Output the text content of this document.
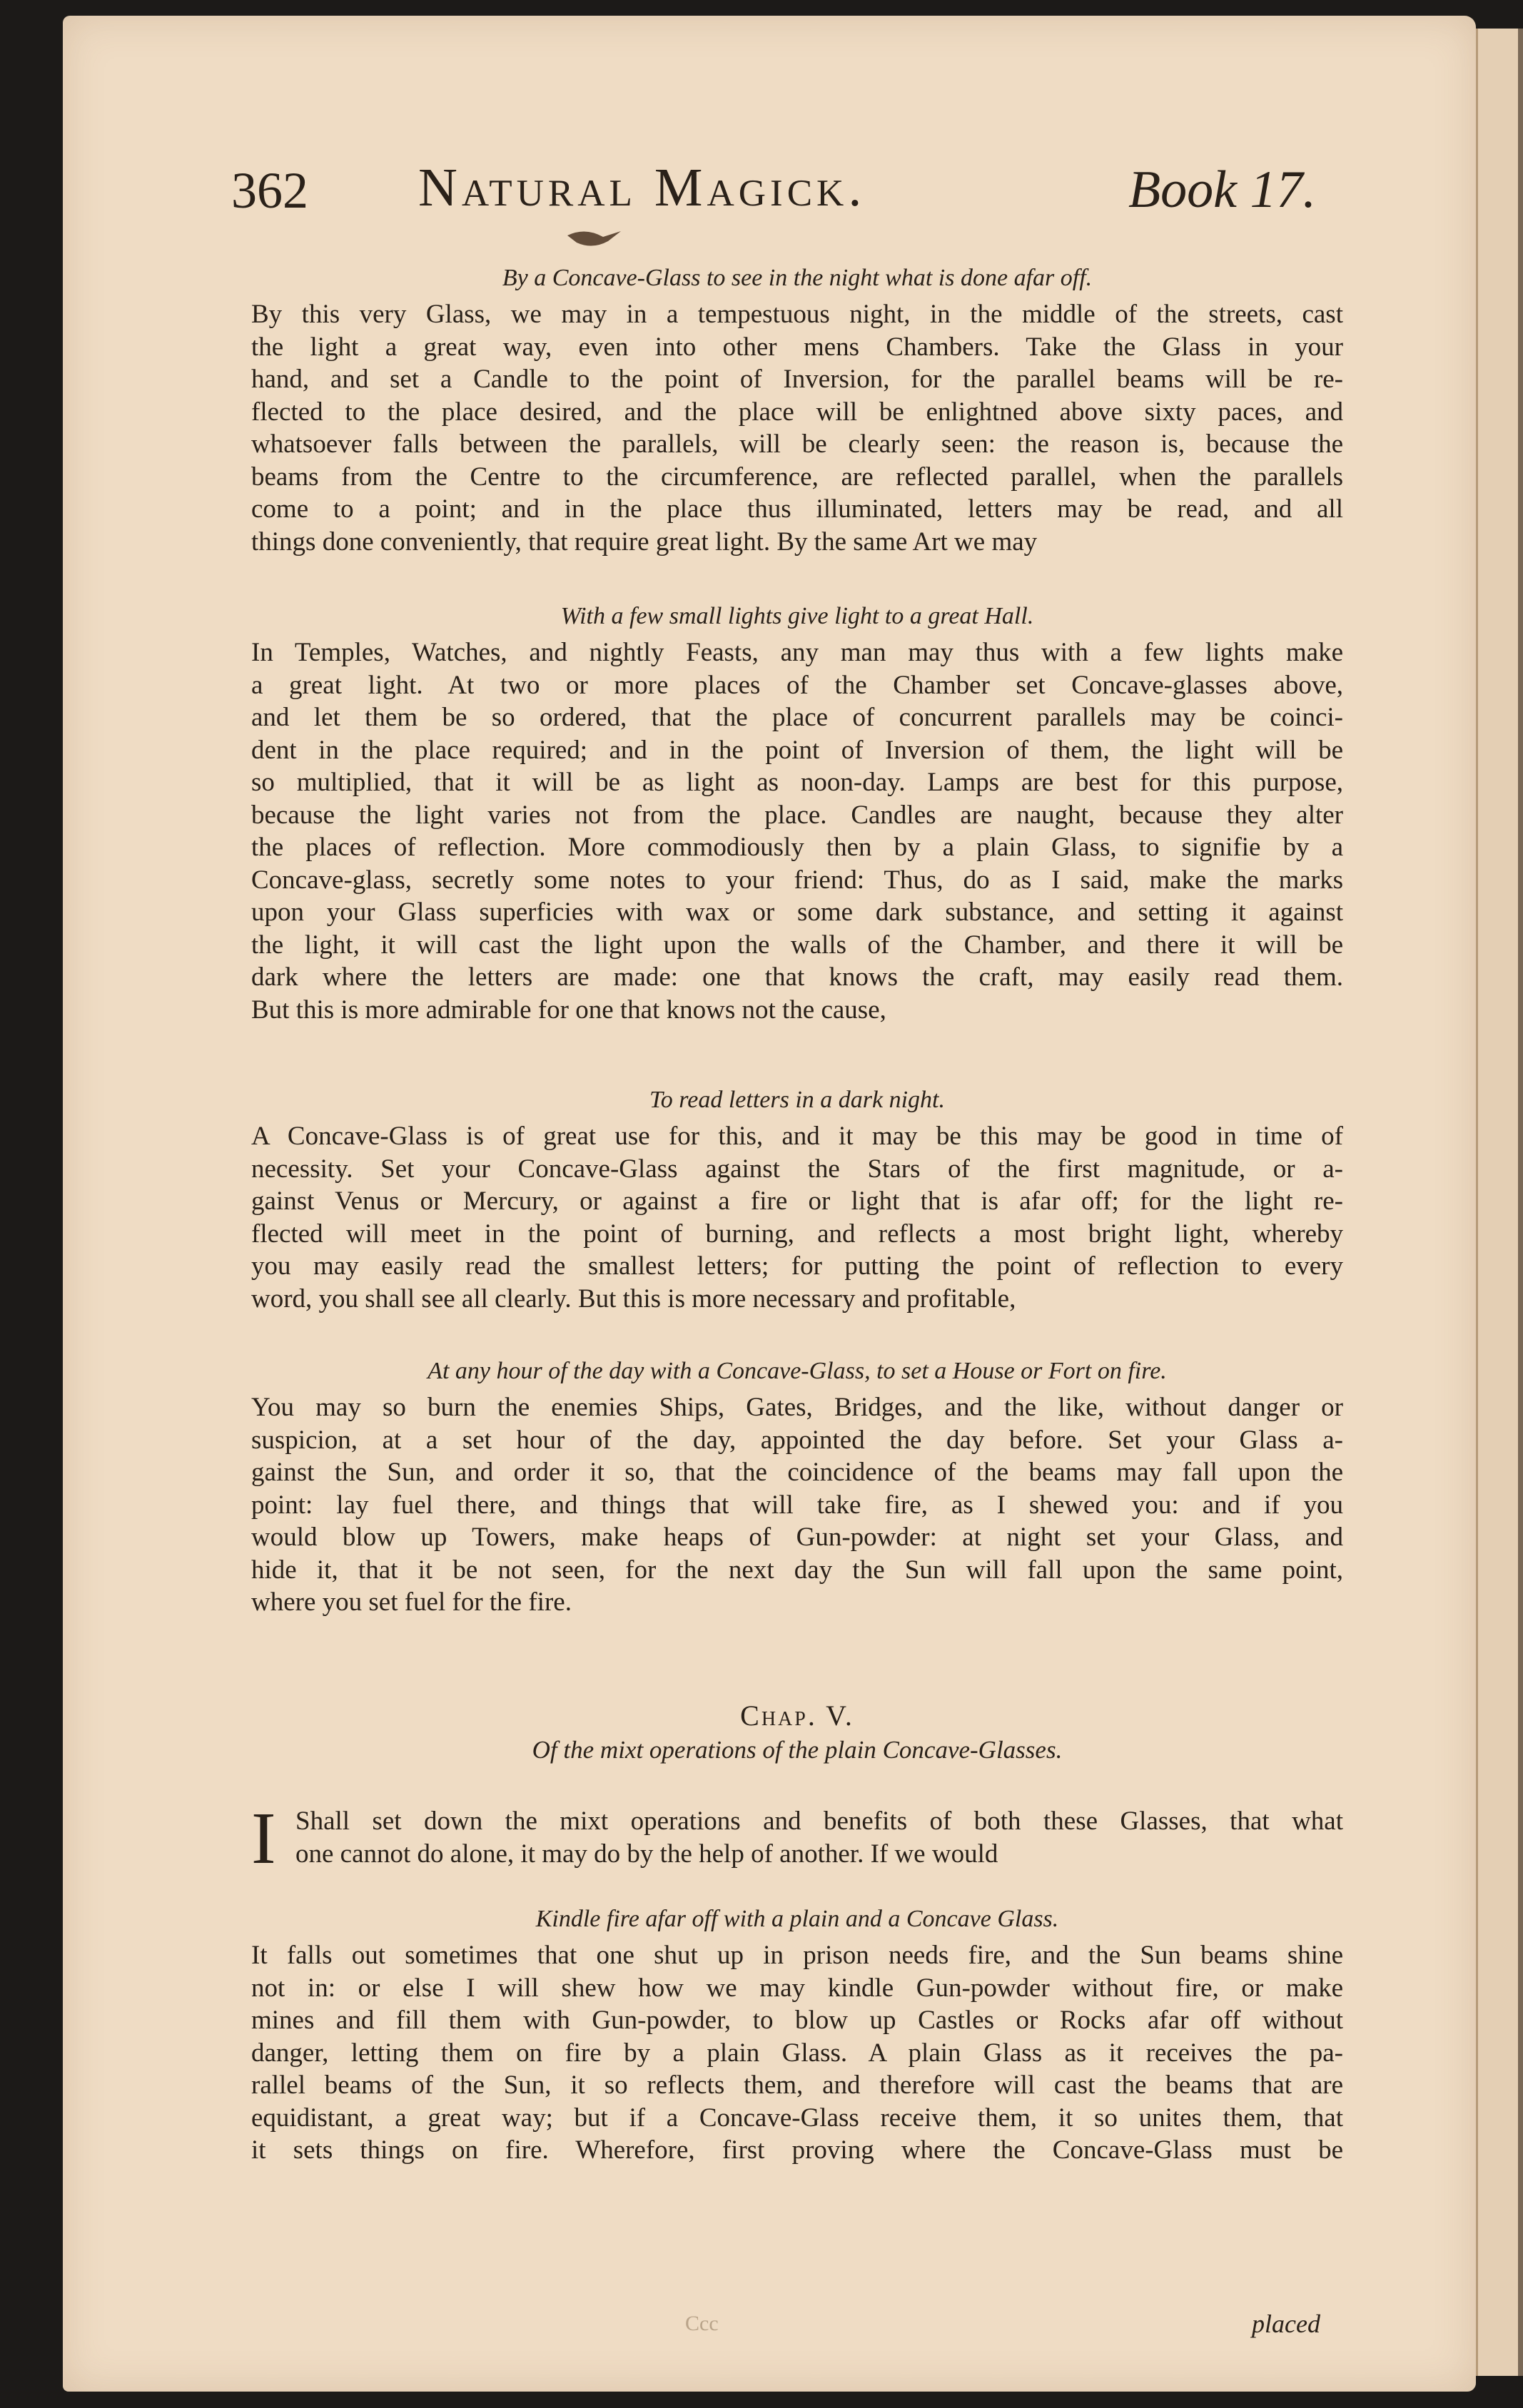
362 Natural Magick.	Book 17.
By a Concave-Glass to see in the night what is done afar off.
By this very Glass, we may in a tempestuous night, in the middle of the streets, cast
the light a great way, even into other mens Chambers. Take the Glass in your
hand, and set a Candle to the point of Inversion, for the parallel beams will be re-
flected to the place desired, and the place will be enlightned above sixty paces, and
whatsoever falls between the parallels, will be clearly seen: the reason is, because the
beams from the Centre to the circumference, are reflected parallel, when the parallels
come to a point; and in the place thus illuminated, letters may be read, and all
things done conveniently, that require great light. By the same Art we may
With a few small lights give light to a great Hall.
In Temples, Watches, and nightly Feasts, any man may thus with a few lights make
a great light. At two or more places of the Chamber set Concave-glasses above,
and let them be so ordered, that the place of concurrent parallels may be coinci-
dent in the place required; and in the point of Inversion of them, the light will be
so multiplied, that it will be as light as noon-day. Lamps are best for this purpose,
because the light varies not from the place. Candles are naught, because they alter
the places of reflection. More commodiously then by a plain Glass, to signifie by a
Concave-glass, secretly some notes to your friend: Thus, do as I said, make the marks
upon your Glass superficies with wax or some dark substance, and setting it against
the light, it will cast the light upon the walls of the Chamber, and there it will be
dark where the letters are made: one that knows the craft, may easily read them.
But this is more admirable for one that knows not the cause,
To read letters in a dark night.
A Concave-Glass is of great use for this, and it may be this may be good in time of
necessity. Set your Concave-Glass against the Stars of the first magnitude, or a-
gainst Venus or Mercury, or against a fire or light that is afar off; for the light re-
flected will meet in the point of burning, and reflects a most bright light, whereby
you may easily read the smallest letters; for putting the point of reflection to every
word, you shall see all clearly. But this is more necessary and profitable,
At any hour of the day with a Concave-Glass, to set a House or Fort on fire.
You may so burn the enemies Ships, Gates, Bridges, and the like, without danger or
suspicion, at a set hour of the day, appointed the day before. Set your Glass a-
gainst the Sun, and order it so, that the coincidence of the beams may fall upon the
point: lay fuel there, and things that will take fire, as I shewed you: and if you
would blow up Towers, make heaps of Gun-powder: at night set your Glass, and
hide it, that it be not seen, for the next day the Sun will fall upon the same point,
where you set fuel for the fire.
Chap. V.
Of the mixt operations of the plain Concave-Glasses.
I Shall set down the mixt operations and benefits of both these Glasses, that what
one cannot do alone, it may do by the help of another. If we would
Kindle fire afar off with a plain and a Concave Glass.
It falls out sometimes that one shut up in prison needs fire, and the Sun beams shine
not in: or else I will shew how we may kindle Gun-powder without fire, or make
mines and fill them with Gun-powder, to blow up Castles or Rocks afar off without
danger, letting them on fire by a plain Glass. A plain Glass as it receives the pa-
rallel beams of the Sun, it so reflects them, and therefore will cast the beams that are
equidistant, a great way; but if a Concave-Glass receive them, it so unites them, that
it sets things on fire. Wherefore, first proving where the Concave-Glass must be
Ccc	placed
